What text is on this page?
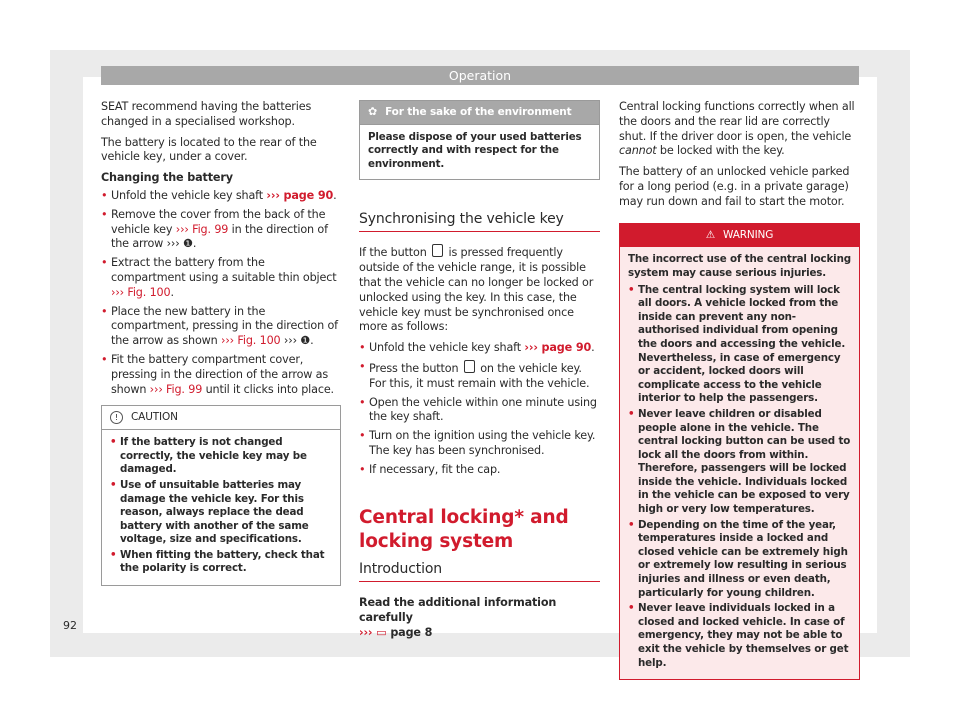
Operation

SEAT recommend having the batteries changed in a specialised workshop.

The battery is located to the rear of the vehicle key, under a cover.

Changing the battery
• Unfold the vehicle key shaft ››› page 90.
• Remove the cover from the back of the vehicle key ››› Fig. 99 in the direction of the arrow ››› ❶.
• Extract the battery from the compartment using a suitable thin object ››› Fig. 100.
• Place the new battery in the compartment, pressing in the direction of the arrow as shown ››› Fig. 100 ››› ❶.
• Fit the battery compartment cover, pressing in the direction of the arrow as shown ››› Fig. 99 until it clicks into place.
!	CAUTION
• If the battery is not changed correctly, the vehicle key may be damaged.
• Use of unsuitable batteries may damage the vehicle key. For this reason, always replace the dead battery with another of the same voltage, size and specifications.
• When fitting the battery, check that the polarity is correct.
✿ For the sake of the environment
Please dispose of your used batteries correctly and with respect for the environment.
Synchronising the vehicle key

If the button is pressed frequently outside of the vehicle range, it is possible that the vehicle can no longer be locked or unlocked using the key. In this case, the vehicle key must be synchronised once more as follows:

• Unfold the vehicle key shaft ››› page 90.
• Press the button  on the vehicle key. For this, it must remain with the vehicle.
• Open the vehicle within one minute using the key shaft.
• Turn on the ignition using the vehicle key. The key has been synchronised.
• If necessary, fit the cap.
Central locking* and locking system
Introduction

Read the additional information carefully
››› ▭ page 8

Central locking functions correctly when all the doors and the rear lid are correctly shut. If the driver door is open, the vehicle cannot be locked with the key.

The battery of an unlocked vehicle parked for a long period (e.g. in a private garage) may run down and fail to start the motor.

⚠ WARNING
The incorrect use of the central locking system may cause serious injuries.
• The central locking system will lock all doors. A vehicle locked from the inside can prevent any non-authorised individual from opening the doors and accessing the vehicle. Nevertheless, in case of emergency or accident, locked doors will complicate access to the vehicle interior to help the passengers.
• Never leave children or disabled people alone in the vehicle. The central locking button can be used to lock all the doors from within. Therefore, passengers will be locked inside the vehicle. Individuals locked in the vehicle can be exposed to very high or very low temperatures.
• Depending on the time of the year, temperatures inside a locked and closed vehicle can be extremely high or extremely low resulting in serious injuries and illness or even death, particularly for young children.
• Never leave individuals locked in a closed and locked vehicle. In case of emergency, they may not be able to exit the vehicle by themselves or get help.
92
